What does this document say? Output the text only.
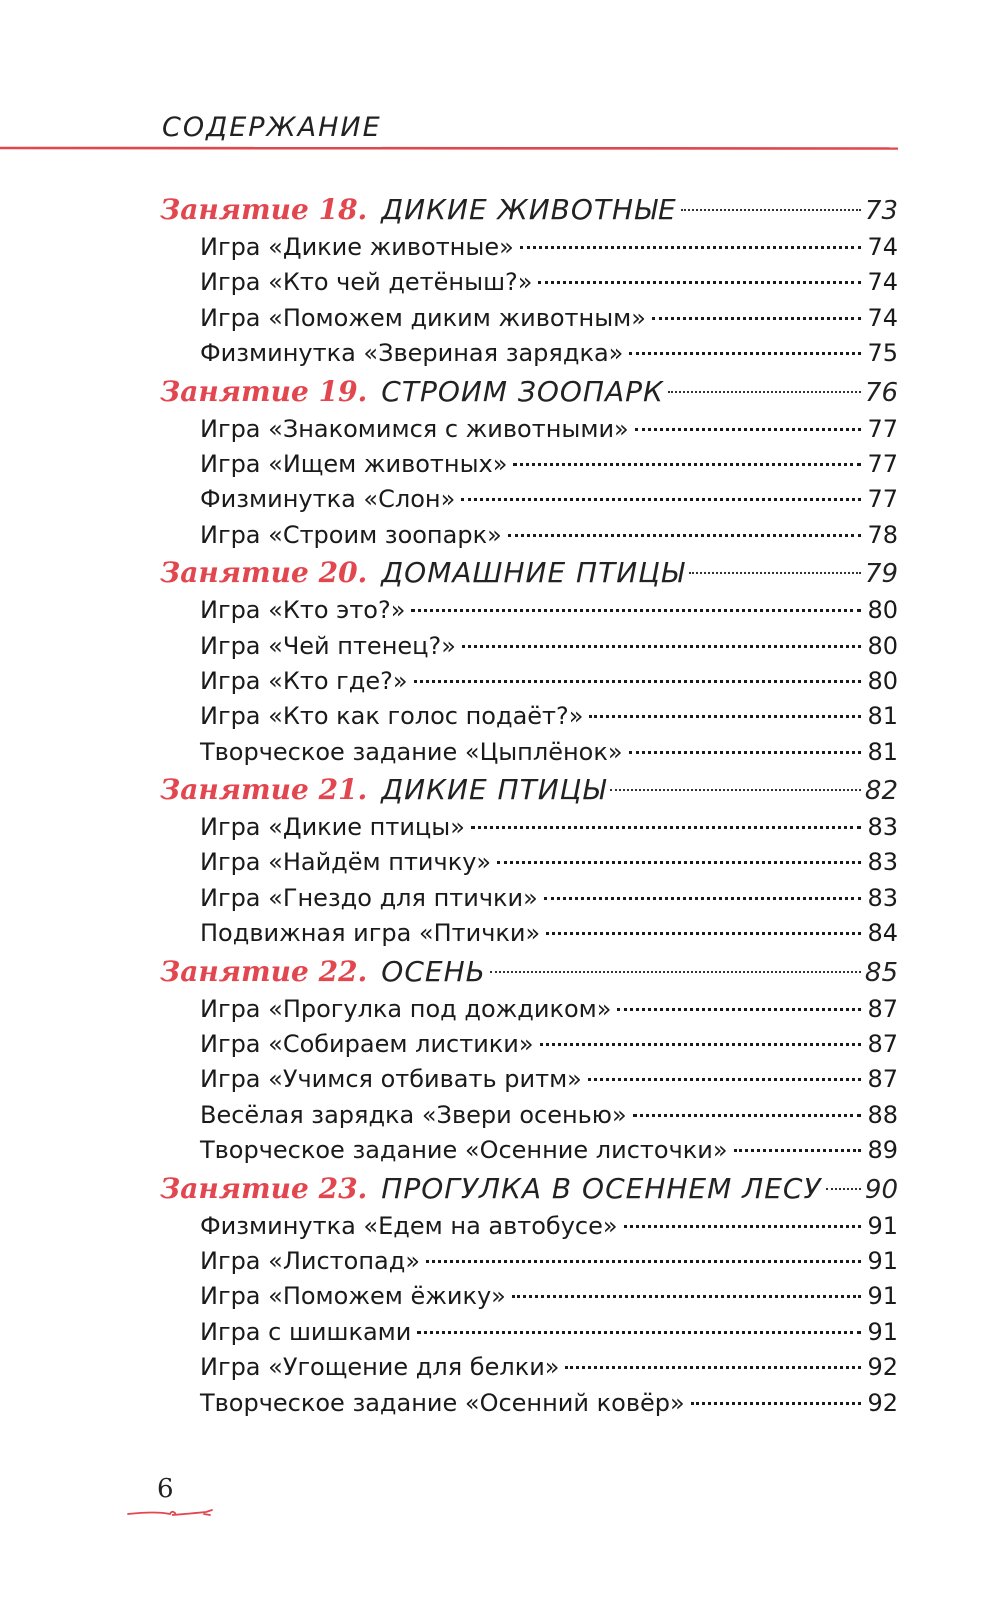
СОДЕРЖАНИЕ
Занятие 18. ДИКИЕ ЖИВОТНЫЕ	73
Игра «Дикие животные»	74
Игра «Кто чей детёныш?»	74
Игра «Поможем диким животным»	74
Физминутка «Звериная зарядка»	75
Занятие 19. СТРОИМ ЗООПАРК	76
Игра «Знакомимся с животными»	77
Игра «Ищем животных»	77
Физминутка «Слон»	77
Игра «Строим зоопарк»	78
Занятие 20. ДОМАШНИЕ ПТИЦЫ	79
Игра «Кто это?»	80
Игра «Чей птенец?»	80
Игра «Кто где?»	80
Игра «Кто как голос подаёт?»	81
Творческое задание «Цыплёнок»	81
Занятие 21. ДИКИЕ ПТИЦЫ	82
Игра «Дикие птицы»	83
Игра «Найдём птичку»	83
Игра «Гнездо для птички»	83
Подвижная игра «Птички»	84
Занятие 22. ОСЕНЬ	85
Игра «Прогулка под дождиком»	87
Игра «Собираем листики»	87
Игра «Учимся отбивать ритм»	87
Весёлая зарядка «Звери осенью»	88
Творческое задание «Осенние листочки»	89
Занятие 23. ПРОГУЛКА В ОСЕННЕМ ЛЕСУ 90
Физминутка «Едем на автобусе»	91
Игра «Листопад»	91
Игра «Поможем ёжику»	91
Игра с шишками	91
Игра «Угощение для белки»	92
Творческое задание «Осенний ковёр»	92
6
